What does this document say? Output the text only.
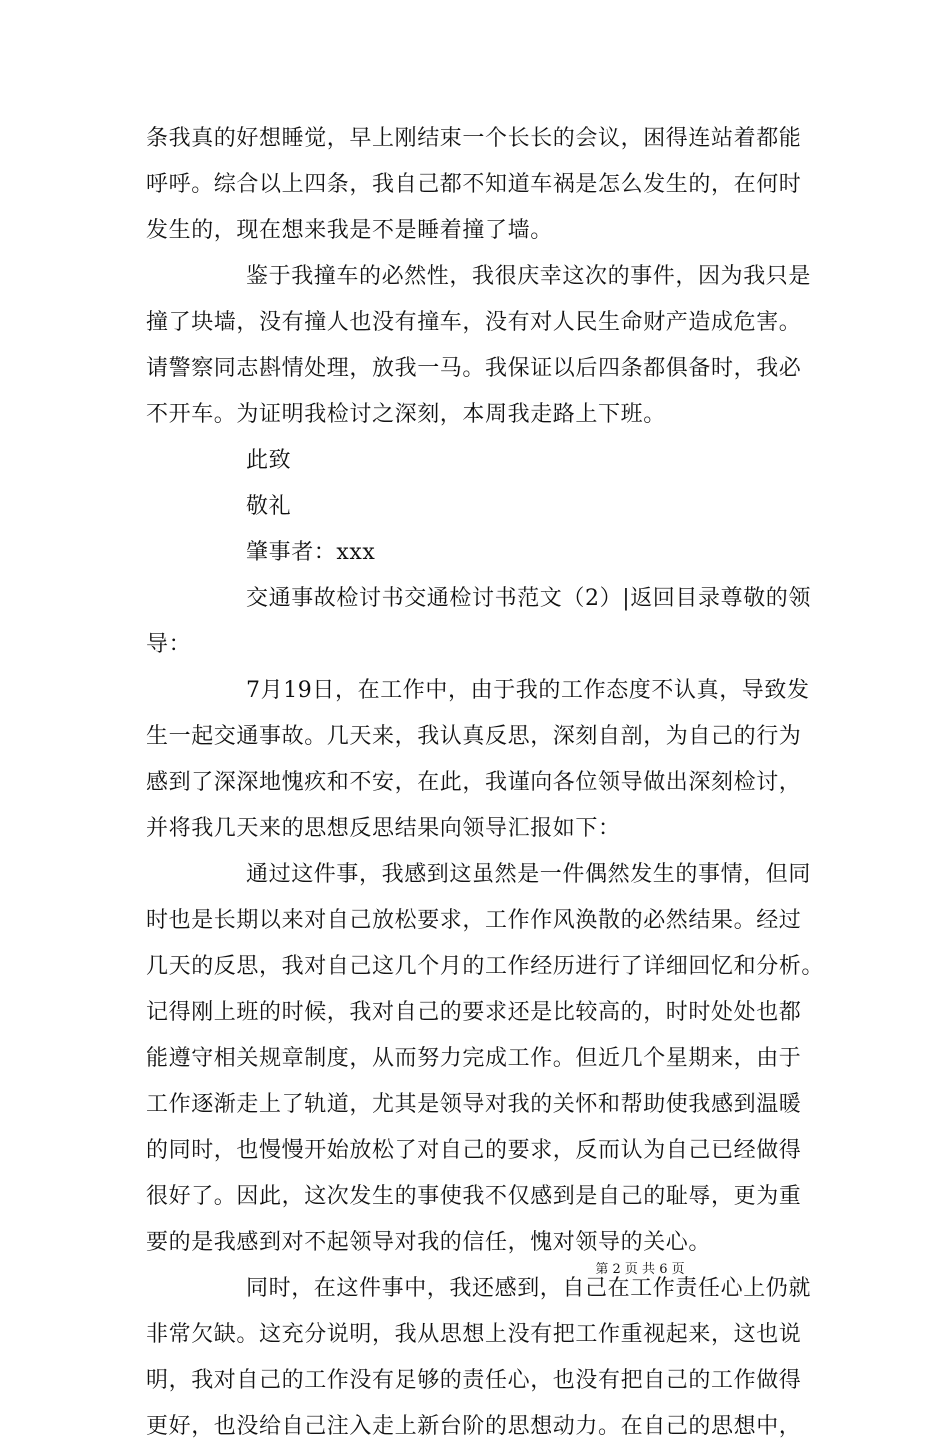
条我真的好想睡觉，早上刚结束一个长长的会议，困得连站着都能
呼呼。综合以上四条，我自己都不知道车祸是怎么发生的，在何时
发生的，现在想来我是不是睡着撞了墙。
鉴于我撞车的必然性，我很庆幸这次的事件，因为我只是
撞了块墙，没有撞人也没有撞车，没有对人民生命财产造成危害。
请警察同志斟情处理，放我一马。我保证以后四条都俱备时，我必
不开车。为证明我检讨之深刻，本周我走路上下班。
此致
敬礼
肇事者：xxx
交通事故检讨书交通检讨书范文（2）|返回目录尊敬的领
导：
7月19日，在工作中，由于我的工作态度不认真，导致发
生一起交通事故。几天来，我认真反思，深刻自剖，为自己的行为
感到了深深地愧疚和不安，在此，我谨向各位领导做出深刻检讨，
并将我几天来的思想反思结果向领导汇报如下：
通过这件事，我感到这虽然是一件偶然发生的事情，但同
时也是长期以来对自己放松要求，工作作风涣散的必然结果。经过
几天的反思，我对自己这几个月的工作经历进行了详细回忆和分析。
记得刚上班的时候，我对自己的要求还是比较高的，时时处处也都
能遵守相关规章制度，从而努力完成工作。但近几个星期来，由于
工作逐渐走上了轨道，尤其是领导对我的关怀和帮助使我感到温暖
的同时，也慢慢开始放松了对自己的要求，反而认为自己已经做得
很好了。因此，这次发生的事使我不仅感到是自己的耻辱，更为重
要的是我感到对不起领导对我的信任，愧对领导的关心。
同时，在这件事中，我还感到，自己在工作责任心上仍就
非常欠缺。这充分说明，我从思想上没有把工作重视起来，这也说
明，我对自己的工作没有足够的责任心，也没有把自己的工作做得
更好，也没给自己注入走上新台阶的思想动力。在自己的思想中，
第 2 页 共 6 页
